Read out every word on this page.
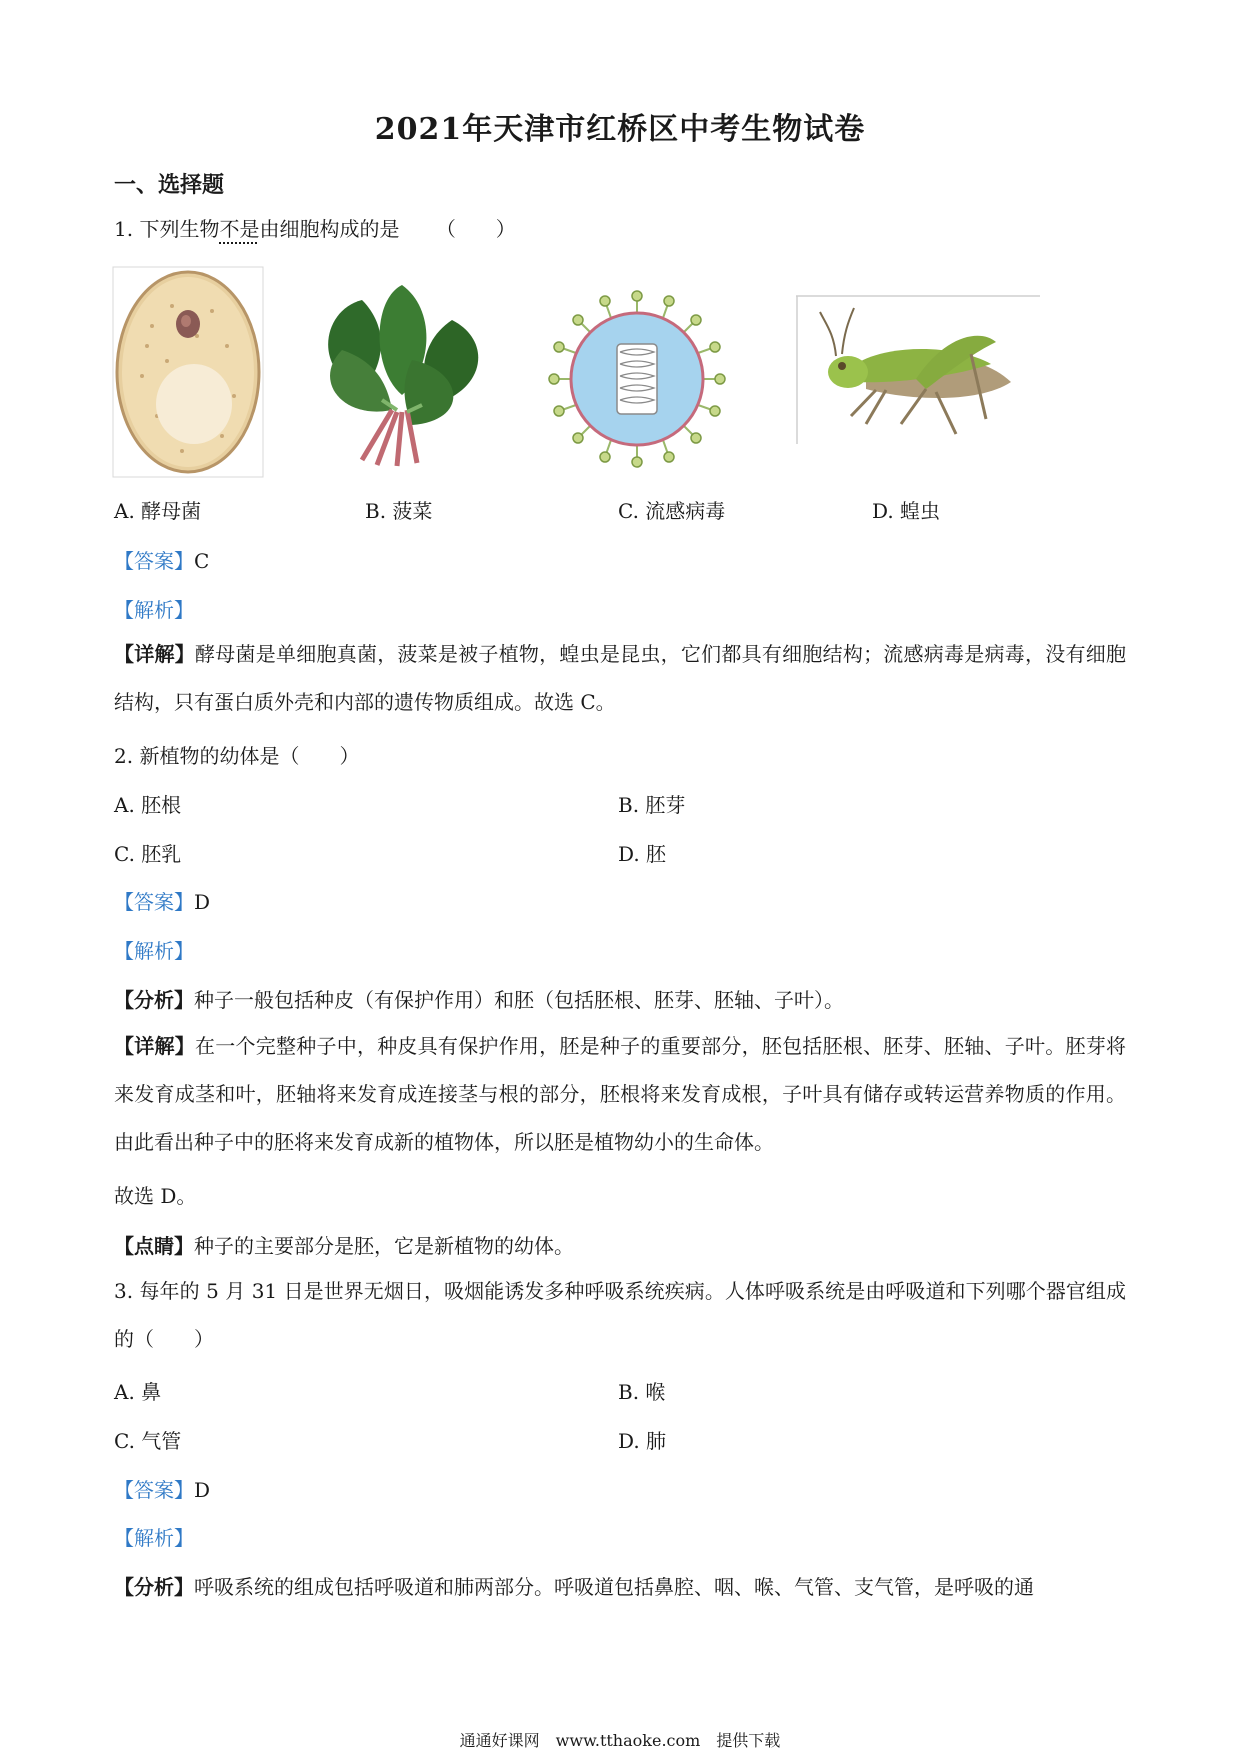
2021年天津市红桥区中考生物试卷
一、选择题
1. 下列生物不是由细胞构成的是 （　　）
A. 酵母菌	B. 菠菜	C. 流感病毒	D. 蝗虫
【答案】C
【解析】
【详解】酵母菌是单细胞真菌，菠菜是被子植物，蝗虫是昆虫，它们都具有细胞结构；流感病毒是病毒，没有细胞结构，只有蛋白质外壳和内部的遗传物质组成。故选 C。
2. 新植物的幼体是（　　）
A. 胚根	B. 胚芽
C. 胚乳	D. 胚
【答案】D
【解析】
【分析】种子一般包括种皮（有保护作用）和胚（包括胚根、胚芽、胚轴、子叶）。
【详解】在一个完整种子中，种皮具有保护作用，胚是种子的重要部分，胚包括胚根、胚芽、胚轴、子叶。胚芽将来发育成茎和叶，胚轴将来发育成连接茎与根的部分，胚根将来发育成根，子叶具有储存或转运营养物质的作用。由此看出种子中的胚将来发育成新的植物体，所以胚是植物幼小的生命体。
故选 D。
【点睛】种子的主要部分是胚，它是新植物的幼体。
3. 每年的 5 月 31 日是世界无烟日，吸烟能诱发多种呼吸系统疾病。人体呼吸系统是由呼吸道和下列哪个器官组成的（　　）
A. 鼻	B. 喉
C. 气管	D. 肺
【答案】D
【解析】
【分析】呼吸系统的组成包括呼吸道和肺两部分。呼吸道包括鼻腔、咽、喉、气管、支气管，是呼吸的通
通通好课网　www.tthaoke.com　提供下载
